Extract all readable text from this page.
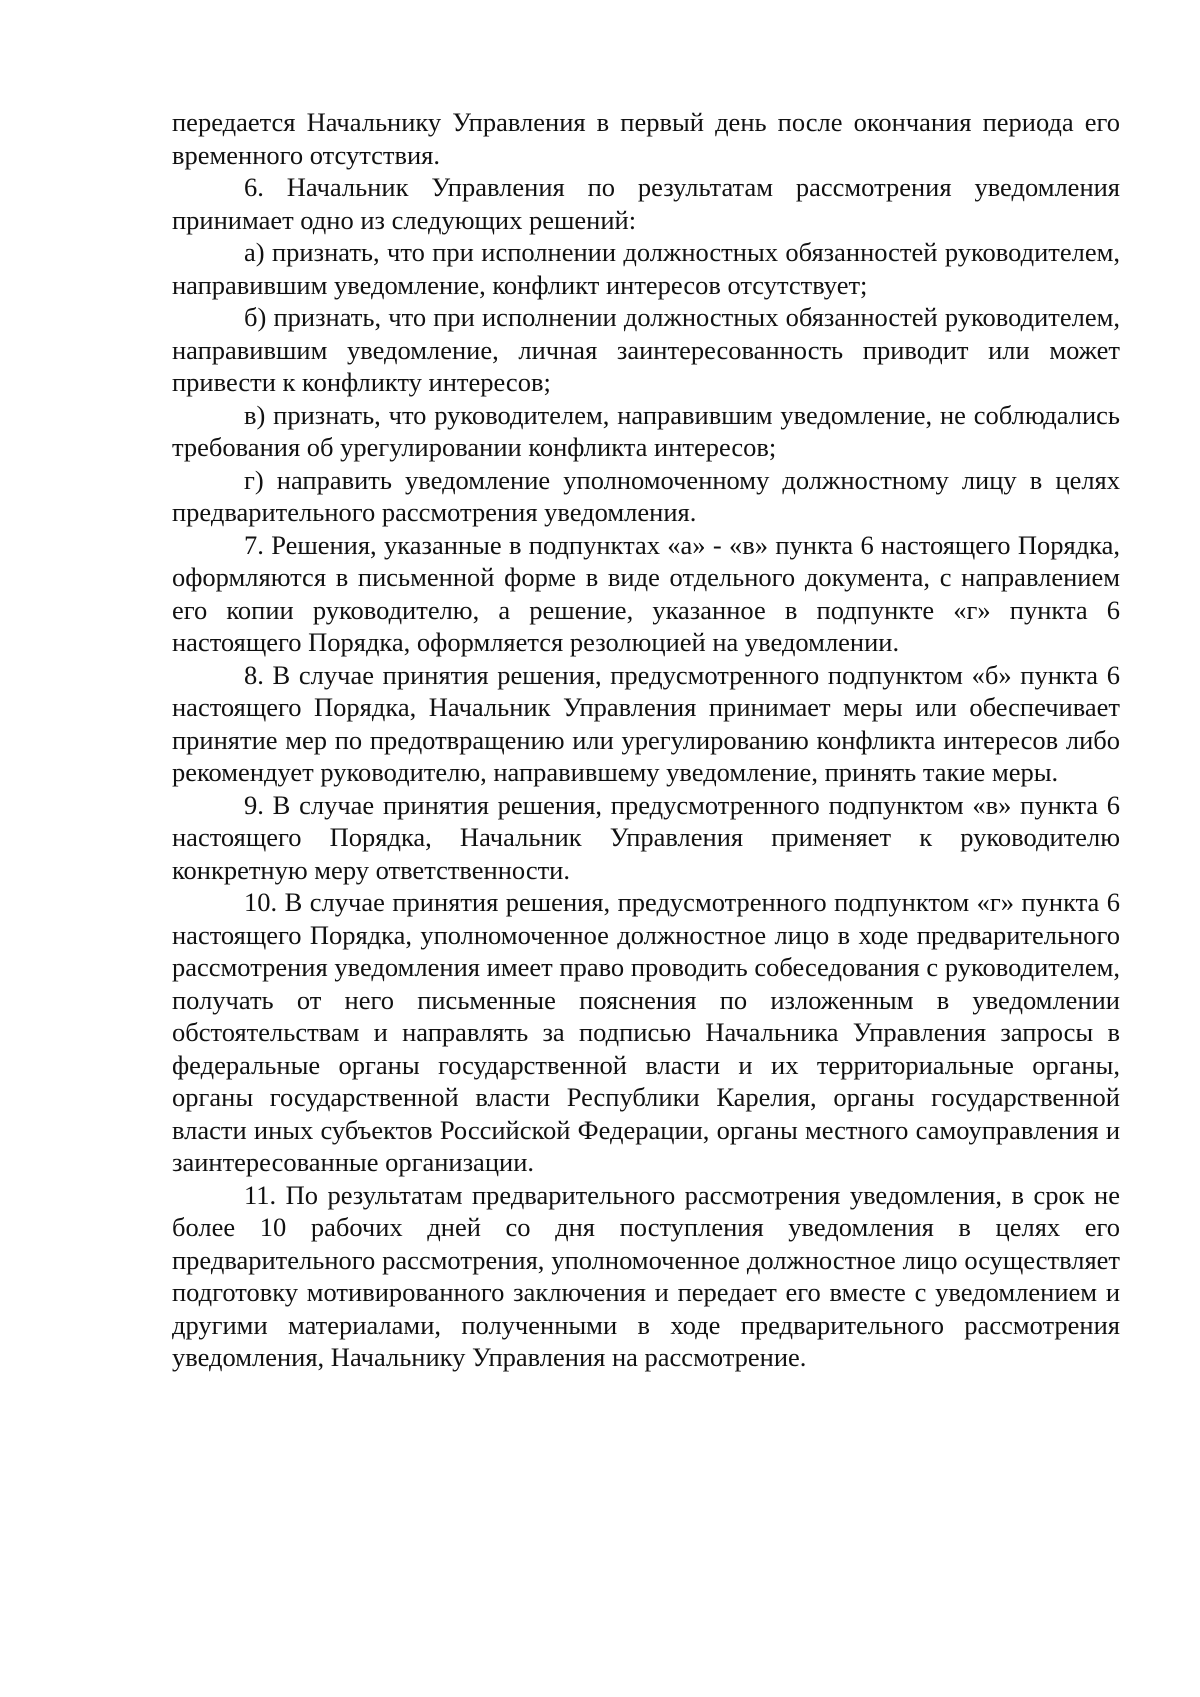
передается Начальнику Управления в первый день после окончания периода его временного отсутствия.

6. Начальник Управления по результатам рассмотрения уведомления принимает одно из следующих решений:

а) признать, что при исполнении должностных обязанностей руководителем, направившим уведомление, конфликт интересов отсутствует;

б) признать, что при исполнении должностных обязанностей руководителем, направившим уведомление, личная заинтересованность приводит или может привести к конфликту интересов;

в) признать, что руководителем, направившим уведомление, не соблюдались требования об урегулировании конфликта интересов;

г) направить уведомление уполномоченному должностному лицу в целях предварительного рассмотрения уведомления.

7. Решения, указанные в подпунктах «а» - «в» пункта 6 настоящего Порядка, оформляются в письменной форме в виде отдельного документа, с направлением его копии руководителю, а решение, указанное в подпункте «г» пункта 6 настоящего Порядка, оформляется резолюцией на уведомлении.

8. В случае принятия решения, предусмотренного подпунктом «б» пункта 6 настоящего Порядка, Начальник Управления принимает меры или обеспечивает принятие мер по предотвращению или урегулированию конфликта интересов либо рекомендует руководителю, направившему уведомление, принять такие меры.

9. В случае принятия решения, предусмотренного подпунктом «в» пункта 6 настоящего Порядка, Начальник Управления применяет к руководителю конкретную меру ответственности.

10. В случае принятия решения, предусмотренного подпунктом «г» пункта 6 настоящего Порядка, уполномоченное должностное лицо в ходе предварительного рассмотрения уведомления имеет право проводить собеседования с руководителем, получать от него письменные пояснения по изложенным в уведомлении обстоятельствам и направлять за подписью Начальника Управления запросы в федеральные органы государственной власти и их территориальные органы, органы государственной власти Республики Карелия, органы государственной власти иных субъектов Российской Федерации, органы местного самоуправления и заинтересованные организации.

11. По результатам предварительного рассмотрения уведомления, в срок не более 10 рабочих дней со дня поступления уведомления в целях его предварительного рассмотрения, уполномоченное должностное лицо осуществляет подготовку мотивированного заключения и передает его вместе с уведомлением и другими материалами, полученными в ходе предварительного рассмотрения уведомления, Начальнику Управления на рассмотрение.
